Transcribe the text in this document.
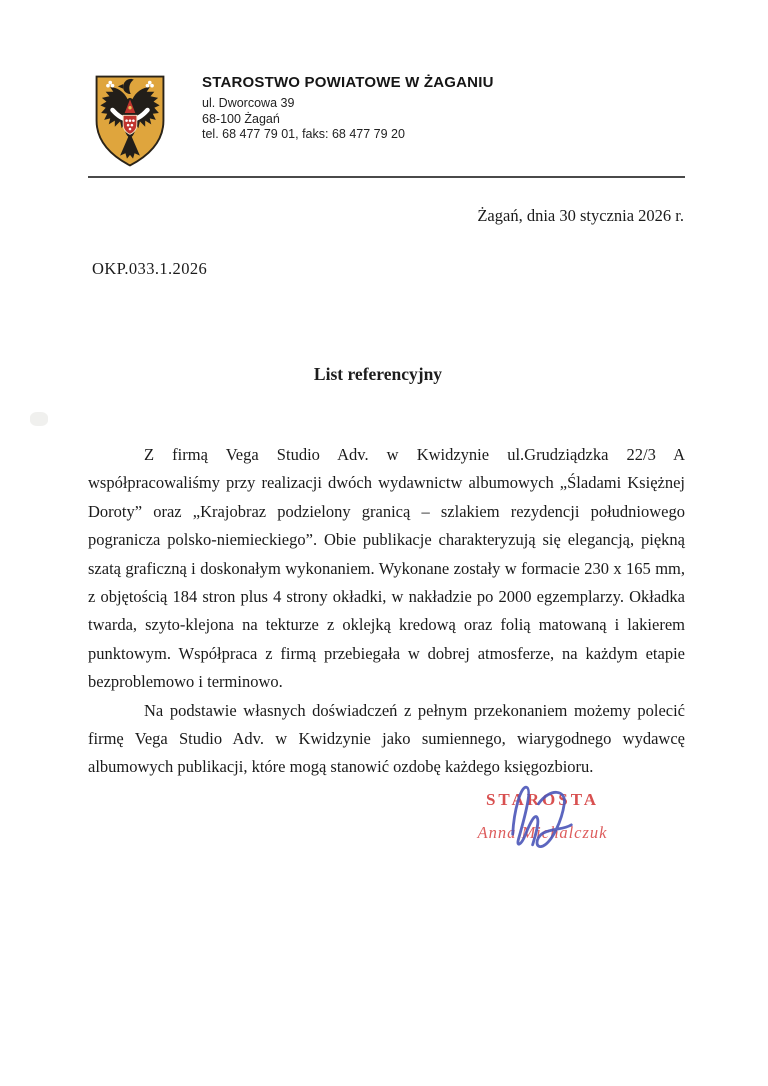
STAROSTWO POWIATOWE W ŻAGANIU
ul. Dworcowa 39
68-100 Żagań
tel. 68 477 79 01, faks: 68 477 79 20
Żagań, dnia 30 stycznia 2026 r.
OKP.033.1.2026
List referencyjny

Z firmą Vega Studio Adv. w Kwidzynie ul.Grudziądzka 22/3 A współpracowaliśmy przy realizacji dwóch wydawnictw albumowych „Śladami Księżnej Doroty” oraz „Krajobraz podzielony granicą – szlakiem rezydencji południowego pogranicza polsko-niemieckiego”. Obie publikacje charakteryzują się elegancją, piękną szatą graficzną i doskonałym wykonaniem. Wykonane zostały w formacie 230 x 165 mm, z objętością 184 stron plus 4 strony okładki, w nakładzie po 2000 egzemplarzy. Okładka twarda, szyto-klejona na tekturze z oklejką kredową oraz folią matowaną i lakierem punktowym. Współpraca z firmą przebiegała w dobrej atmosferze, na każdym etapie bezproblemowo i terminowo.

Na podstawie własnych doświadczeń z pełnym przekonaniem możemy polecić firmę Vega Studio Adv. w Kwidzynie jako sumiennego, wiarygodnego wydawcę albumowych publikacji, które mogą stanowić ozdobę każdego księgozbioru.

STAROSTA
Anna Michalczuk
